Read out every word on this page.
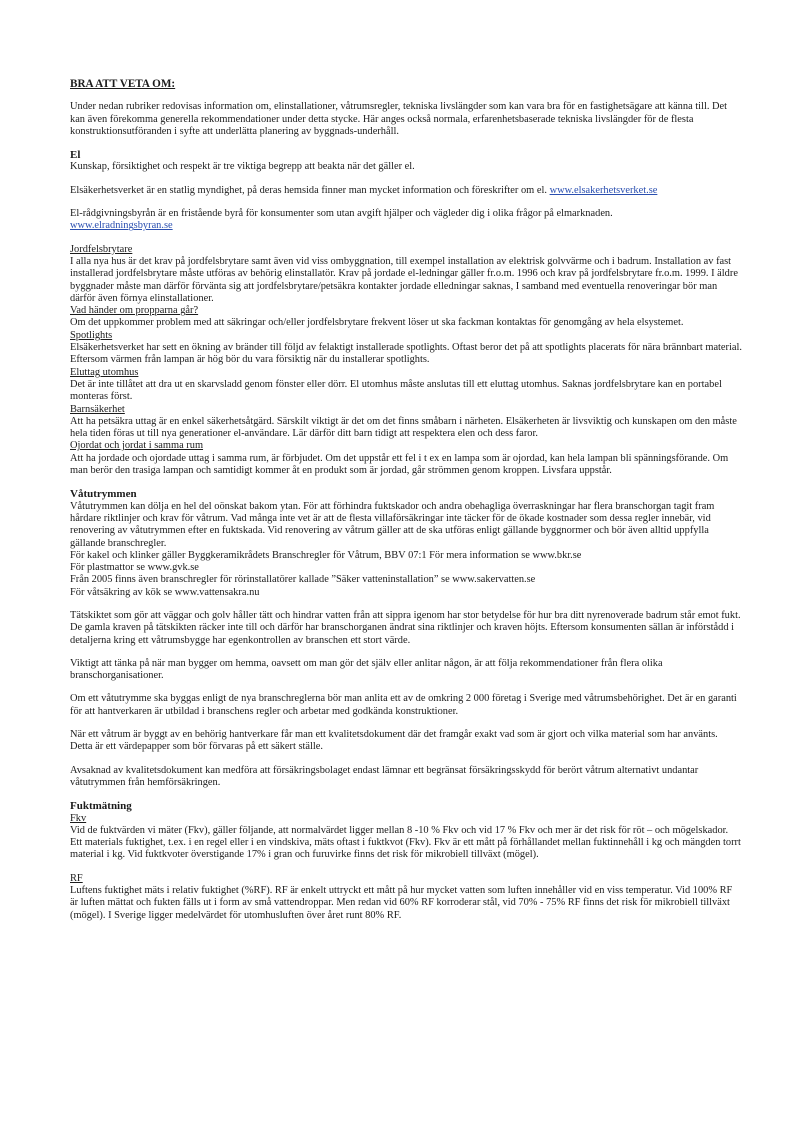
BRA ATT VETA OM:

Under nedan rubriker redovisas information om, elinstallationer, våtrumsregler, tekniska livslängder som kan vara bra för en fastighetsägare att känna till. Det kan även förekomma generella rekommendationer under detta stycke. Här anges också normala, erfarenhetsbaserade tekniska livslängder för de flesta konstruktionsutföranden i syfte att underlätta planering av byggnads-underhåll.

El

Kunskap, försiktighet och respekt är tre viktiga begrepp att beakta när det gäller el.

Elsäkerhetsverket är en statlig myndighet, på deras hemsida finner man mycket information och föreskrifter om el. www.elsakerhetsverket.se

El-rådgivningsbyrån är en fristående byrå för konsumenter som utan avgift hjälper och vägleder dig i olika frågor på elmarknaden.
www.elradningsbyran.se

Jordfelsbrytare

I alla nya hus är det krav på jordfelsbrytare samt även vid viss ombyggnation, till exempel installation av elektrisk golvvärme och i badrum. Installation av fast installerad jordfelsbrytare måste utföras av behörig elinstallatör. Krav på jordade el-ledningar gäller fr.o.m. 1996 och krav på jordfelsbrytare fr.o.m. 1999. I äldre byggnader måste man därför förvänta sig att jordfelsbrytare/petsäkra kontakter jordade elledningar saknas, I samband med eventuella renoveringar bör man därför även förnya elinstallationer.

Vad händer om propparna går?

Om det uppkommer problem med att säkringar och/eller jordfelsbrytare frekvent löser ut ska fackman kontaktas för genomgång av hela elsystemet.

Spotlights

Elsäkerhetsverket har sett en ökning av bränder till följd av felaktigt installerade spotlights. Oftast beror det på att spotlights placerats för nära brännbart material. Eftersom värmen från lampan är hög bör du vara försiktig när du installerar spotlights.

Eluttag utomhus

Det är inte tillåtet att dra ut en skarvsladd genom fönster eller dörr. El utomhus måste anslutas till ett eluttag utomhus. Saknas jordfelsbrytare kan en portabel monteras först.

Barnsäkerhet

Att ha petsäkra uttag är en enkel säkerhetsåtgärd. Särskilt viktigt är det om det finns småbarn i närheten. Elsäkerheten är livsviktig och kunskapen om den måste hela tiden föras ut till nya generationer el-användare. Lär därför ditt barn tidigt att respektera elen och dess faror.

Ojordat och jordat i samma rum

Att ha jordade och ojordade uttag i samma rum, är förbjudet. Om det uppstår ett fel i t ex en lampa som är ojordad, kan hela lampan bli spänningsförande. Om man berör den trasiga lampan och samtidigt kommer åt en produkt som är jordad, går strömmen genom kroppen. Livsfara uppstår.

Våtutrymmen

Våtutrymmen kan dölja en hel del oönskat bakom ytan. För att förhindra fuktskador och andra obehagliga överraskningar har flera branschorgan tagit fram hårdare riktlinjer och krav för våtrum. Vad många inte vet är att de flesta villaförsäkringar inte täcker för de ökade kostnader som dessa regler innebär, vid renovering av våtutrymmen efter en fuktskada. Vid renovering av våtrum gäller att de ska utföras enligt gällande byggnormer och bör även alltid uppfylla gällande branschregler.

För kakel och klinker gäller Byggkeramikrådets Branschregler för Våtrum, BBV 07:1 För mera information se www.bkr.se

För plastmattor se www.gvk.se

Från 2005 finns även branschregler för rörinstallatörer kallade ”Säker vatteninstallation” se www.sakervatten.se

För våtsäkring av kök se www.vattensakra.nu

Tätskiktet som gör att väggar och golv håller tätt och hindrar vatten från att sippra igenom har stor betydelse för hur bra ditt nyrenoverade badrum står emot fukt. De gamla kraven på tätskikten räcker inte till och därför har branschorganen ändrat sina riktlinjer och kraven höjts. Eftersom konsumenten sällan är införstådd i detaljerna kring ett våtrumsbygge har egenkontrollen av branschen ett stort värde.

Viktigt att tänka på när man bygger om hemma, oavsett om man gör det själv eller anlitar någon, är att följa rekommendationer från flera olika branschorganisationer.

Om ett våtutrymme ska byggas enligt de nya branschreglerna bör man anlita ett av de omkring 2 000 företag i Sverige med våtrumsbehörighet. Det är en garanti för att hantverkaren är utbildad i branschens regler och arbetar med godkända konstruktioner.

När ett våtrum är byggt av en behörig hantverkare får man ett kvalitetsdokument där det framgår exakt vad som är gjort och vilka material som har använts. Detta är ett värdepapper som bör förvaras på ett säkert ställe.

Avsaknad av kvalitetsdokument kan medföra att försäkringsbolaget endast lämnar ett begränsat försäkringsskydd för berört våtrum alternativt undantar våtutrymmen från hemförsäkringen.

Fuktmätning

Fkv

Vid de fuktvärden vi mäter (Fkv), gäller följande, att normalvärdet ligger mellan 8 -10 % Fkv och vid 17 % Fkv och mer är det risk för röt – och mögelskador.

Ett materials fuktighet, t.ex. i en regel eller i en vindskiva, mäts oftast i fuktkvot (Fkv). Fkv är ett mått på förhållandet mellan fuktinnehåll i kg och mängden torrt material i kg. Vid fuktkvoter överstigande 17% i gran och furuvirke finns det risk för mikrobiell tillväxt (mögel).

RF

Luftens fuktighet mäts i relativ fuktighet (%RF). RF är enkelt uttryckt ett mått på hur mycket vatten som luften innehåller vid en viss temperatur. Vid 100% RF är luften mättat och fukten fälls ut i form av små vattendroppar. Men redan vid 60% RF korroderar stål, vid 70% - 75% RF finns det risk för mikrobiell tillväxt (mögel). I Sverige ligger medelvärdet för utomhusluften över året runt 80% RF.
